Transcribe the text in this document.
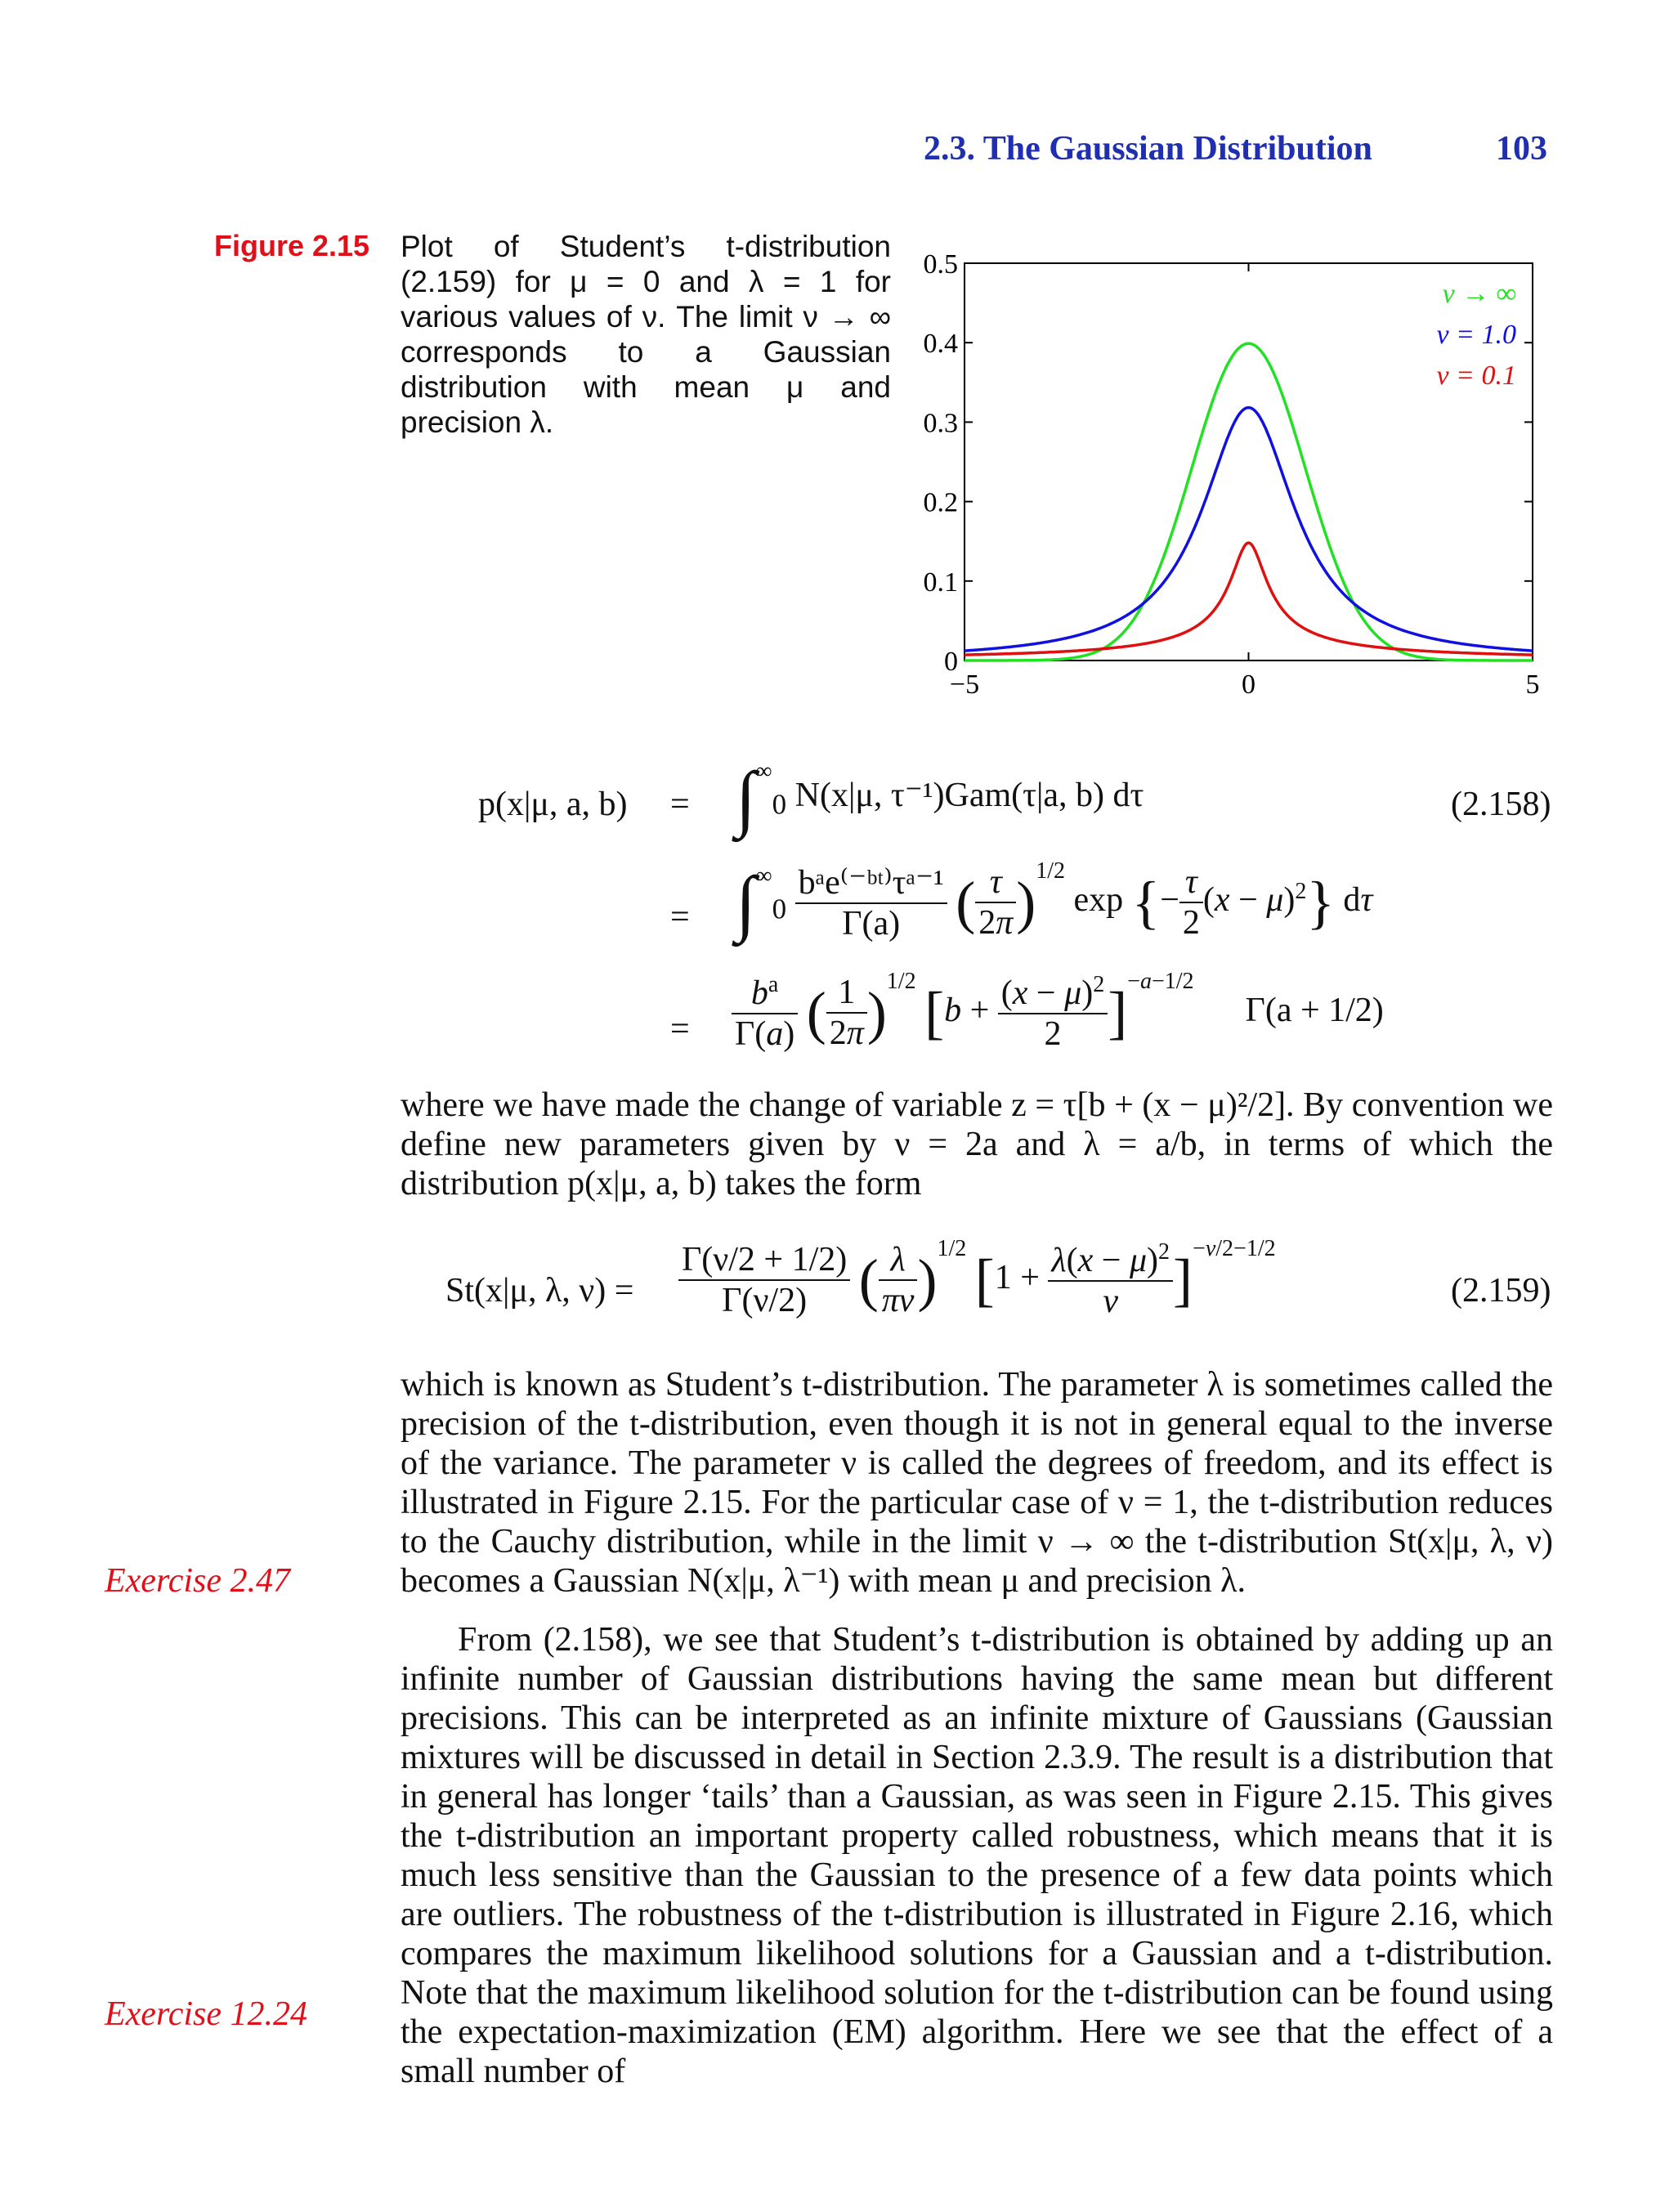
2.3. The Gaussian Distribution	103
Figure 2.15 Plot of Student’s t-distribution (2.159) for μ = 0 and λ = 1 for various values of ν. The limit ν → ∞ corresponds to a Gaussian distribution with mean μ and precision λ.
0
0.1
0.2
0.3
0.4
0.5
−5	0	5
ν → ∞
ν = 1.0
ν = 0.1
p(x|μ, a, $b) = \int^\infty_0$ N(x|μ, τ⁻¹)Gam(τ|a, b) dτ	(2.158)
= $\int^\infty_0 \frac{\text{bᵃe⁽⁻ᵇᵗ⁾τᵃ⁻¹}}{\Gamma(a)}$ ( $\frac{\tau}{2\pi} )^{1/2}$ exp {− $\frac{\tau}{2} (x - \mu)^2$} dτ
= $\frac{b^a}{\Gamma(a)}$ ( $\frac{1}{2\pi} )^{1/2}$ $[b + \frac{(x - \mu)^2}{2} ]^{-a-1/2}$      Γ(a + 1/2)
where we have made the change of variable z = τ[b + (x − μ)²/2]. By convention we define new parameters given by ν = 2a and λ = a/b, in terms of which the distribution p(x|μ, a, b) takes the form
St(x|μ, λ, $\nu) = \frac{\Gamma(\nu/2 + 1/2)}{\Gamma(\nu/2)}$ ( $\frac{\lambda}{\pi\nu} )^{1/2}$ $[1 + \frac{\lambda(x - \mu)^2}{\nu} ]^{-\nu/2-1/2}$
(2.159)
which is known as Student’s t-distribution. The parameter λ is sometimes called the precision of the t-distribution, even though it is not in general equal to the inverse of the variance. The parameter ν is called the degrees of freedom, and its effect is illustrated in Figure 2.15. For the particular case of ν = 1, the t-distribution reduces to the Cauchy distribution, while in the limit ν → ∞ the t-distribution St(x|μ, λ, ν) becomes a Gaussian N(x|μ, λ⁻¹) with mean μ and precision λ.
From (2.158), we see that Student’s t-distribution is obtained by adding up an infinite number of Gaussian distributions having the same mean but different precisions. This can be interpreted as an infinite mixture of Gaussians (Gaussian mixtures will be discussed in detail in Section 2.3.9. The result is a distribution that in general has longer ‘tails’ than a Gaussian, as was seen in Figure 2.15. This gives the t-distribution an important property called robustness, which means that it is much less sensitive than the Gaussian to the presence of a few data points which are outliers. The robustness of the t-distribution is illustrated in Figure 2.16, which compares the maximum likelihood solutions for a Gaussian and a t-distribution. Note that the maximum likelihood solution for the t-distribution can be found using the expectation-maximization (EM) algorithm. Here we see that the effect of a small number of
Exercise 2.47
Exercise 12.24
